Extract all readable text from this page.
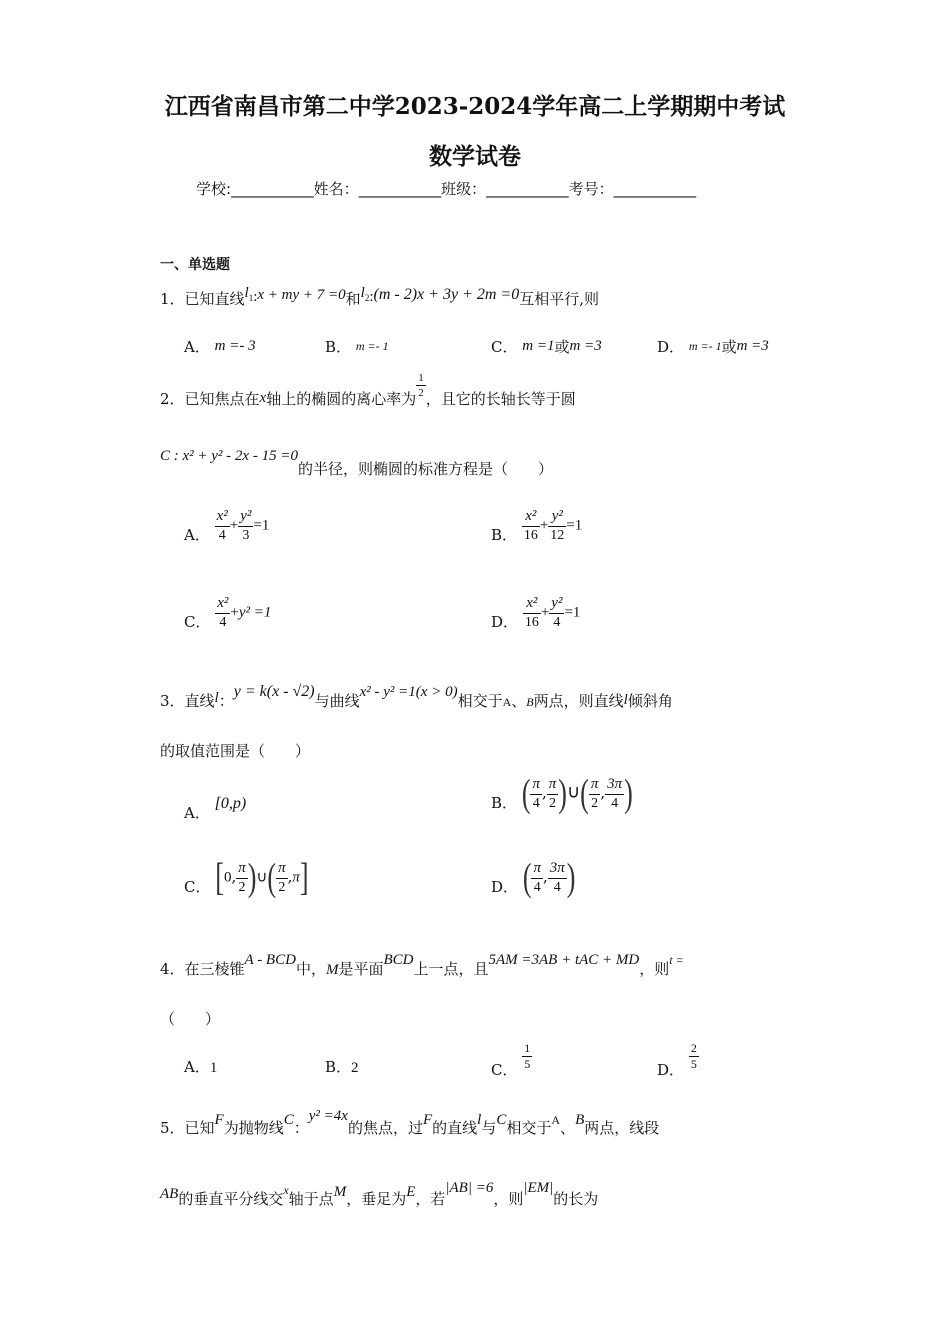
江西省南昌市第二中学2023-2024学年高二上学期期中考试
数学试卷
学校:___________姓名：___________班级：___________考号：___________
一、单选题
1．已知直线$l_1:x$ + my + 7 =0和$l_2:(m - 2)x + 3y + 2m =0$互相平行,则
A． m =- 3	B． m =- 1	C． m =1或m =3	D． m =- 1或m =3
2．已知焦点在x轴上的椭圆的离心率为 $\frac{1}{2}$ ，且它的长轴长等于圆
C : x² + y² - 2x - 15 =0的半径，则椭圆的标准方程是（　　）
A． $\frac{\text{x²}}{4} + \frac{\text{y²}}{3} =1$
B． $\frac{\text{x²}}{16} + \frac{\text{y²}}{12} =1$
C． $\frac{\text{x²}}{4} +y^2 =1$
D． $\frac{\text{x²}}{16} + \frac{\text{y²}}{4} =1$
3．直线l：y = k(x - √2)与曲线x² - y² =1(x > 0)相交于$_A$、$_B$两点，则直线l倾斜角
的取值范围是（　　）
A． [0,p)	B． ( $\frac{\pi}{4}$ , $\frac{\pi}{2}$ )∪( $\frac{\pi}{2}$ , $\frac{3\pi}{4}$ )
C． [0, $\frac{\pi}{2}$ )∪( $\frac{\pi}{2} ,\pi$]	D． ( $\frac{\pi}{4}$ , $\frac{3\pi}{4}$ )
4．在三棱锥A - BCD中，M是平面BCD上一点，且5AM =3AB + tAC + MD，则t =
（　　）
A．1	B．2	C． $\frac{1}{5}$	D． $\frac{2}{5}$
5．已知F为抛物线C：y² =4x的焦点，过F的直线l与C相交于$_A$、B两点，线段
AB的垂直平分线交x轴于点M，垂足为E，若|AB| =6，则|EM|的长为
